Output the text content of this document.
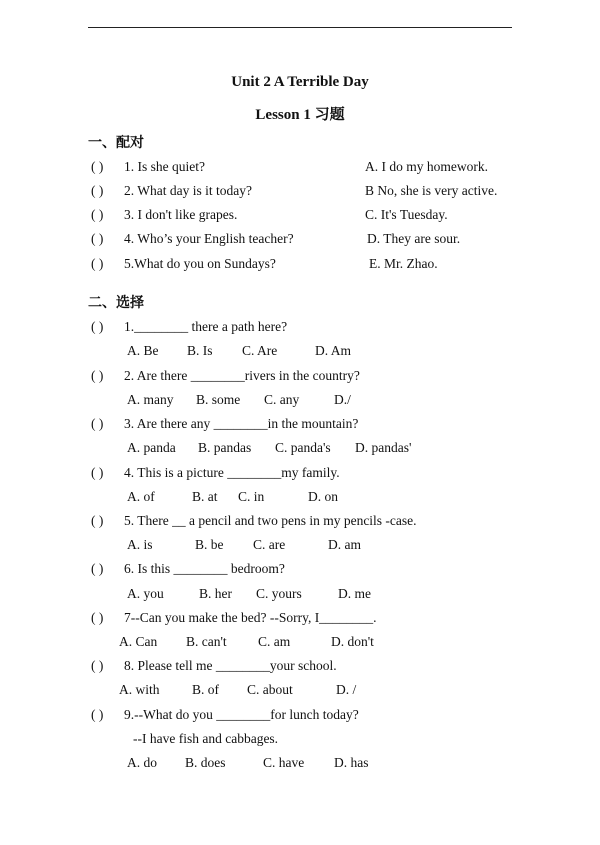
Unit 2 A Terrible Day
Lesson 1 习题
一、配对
( ) 1. Is she quiet?	A. I do my homework.
( ) 2. What day is it today?	B No, she is very active.
( ) 3. I don't like grapes.	C. It's Tuesday.
( ) 4. Who’s your English teacher?	D. They are sour.
( ) 5.What do you on Sundays?	E. Mr. Zhao.
二、选择
( ) 1.________ there a path here?
A. Be B. Is C. Are	D. Am
( ) 2. Are there ________rivers in the country?
A. many B. some C. any	D./
( ) 3. Are there any ________in the mountain?
A. panda B. pandas C. panda's D. pandas'
( ) 4. This is a picture ________my family.
A. of	B. at C. in	D. on
( ) 5. There __ a pencil and two pens in my pencils -case.
A. is	B. be C. are	D. am
( ) 6. Is this ________ bedroom?
A. you	B. her C. yours	D. me
( ) 7--Can you make the bed? --Sorry, I________.
A. Can B. can't C. am	D. don't
( ) 8. Please tell me ________your school.
A. with B. of C. about	D. /
( ) 9.--What do you ________for lunch today?
--I have fish and cabbages.
A. do B. does	C. have D. has
